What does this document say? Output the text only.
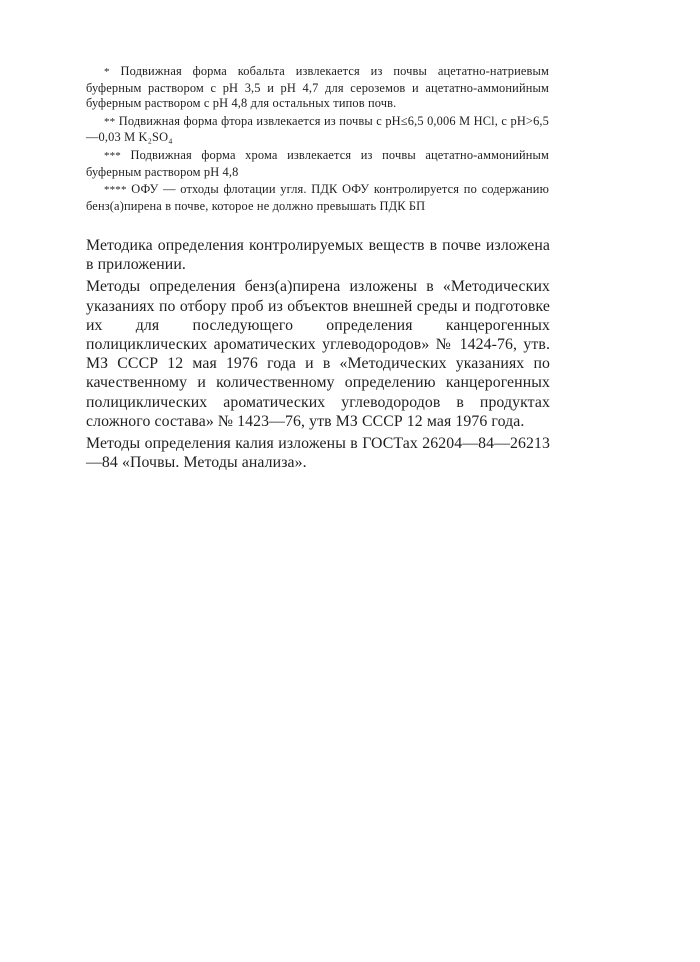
* Подвижная форма кобальта извлекается из почвы ацетатно-натриевым буферным раствором с рН 3,5 и рН 4,7 для сероземов и ацетатно-аммонийным буферным раствором с рН 4,8 для остальных типов почв.

** Подвижная форма фтора извлекается из почвы с рН≤6,5 0,006 М HCl, с рН>6,5—0,03 М K₂SO₄

*** Подвижная форма хрома извлекается из почвы ацетатно-аммонийным буферным раствором рН 4,8

**** ОФУ — отходы флотации угля. ПДК ОФУ контролируется по содержанию бенз(а)пирена в почве, которое не должно превышать ПДК БП

Методика определения контролируемых веществ в почве изложена в приложении.

Методы определения бенз(а)пирена изложены в «Методических указаниях по отбору проб из объектов внешней среды и подготовке их для последующего определения канцерогенных полициклических ароматических углеводородов» № 1424-76, утв. МЗ СССР 12 мая 1976 года и в «Методических указаниях по качественному и количественному определению канцерогенных полициклических ароматических углеводородов в продуктах сложного состава» № 1423—76, утв МЗ СССР 12 мая 1976 года.

Методы определения калия изложены в ГОСТах 26204—84—26213—84 «Почвы. Методы анализа».
